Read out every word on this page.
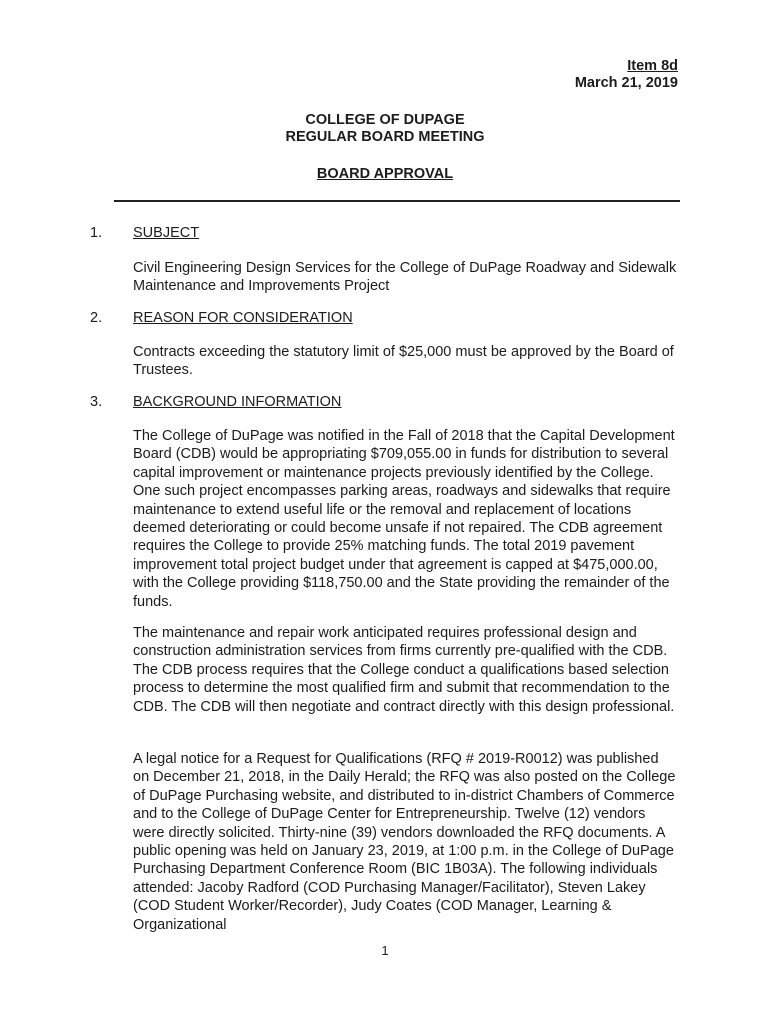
Item 8d
March 21, 2019
COLLEGE OF DUPAGE
REGULAR BOARD MEETING
BOARD APPROVAL
1. SUBJECT

Civil Engineering Design Services for the College of DuPage Roadway and Sidewalk Maintenance and Improvements Project

2. REASON FOR CONSIDERATION

Contracts exceeding the statutory limit of $25,000 must be approved by the Board of Trustees.

3. BACKGROUND INFORMATION

The College of DuPage was notified in the Fall of 2018 that the Capital Development Board (CDB) would be appropriating $709,055.00 in funds for distribution to several capital improvement or maintenance projects previously identified by the College. One such project encompasses parking areas, roadways and sidewalks that require maintenance to extend useful life or the removal and replacement of locations deemed deteriorating or could become unsafe if not repaired. The CDB agreement requires the College to provide 25% matching funds. The total 2019 pavement improvement total project budget under that agreement is capped at $475,000.00, with the College providing $118,750.00 and the State providing the remainder of the funds.

The maintenance and repair work anticipated requires professional design and construction administration services from firms currently pre-qualified with the CDB. The CDB process requires that the College conduct a qualifications based selection process to determine the most qualified firm and submit that recommendation to the CDB. The CDB will then negotiate and contract directly with this design professional.

A legal notice for a Request for Qualifications (RFQ # 2019-R0012) was published on December 21, 2018, in the Daily Herald; the RFQ was also posted on the College of DuPage Purchasing website, and distributed to in-district Chambers of Commerce and to the College of DuPage Center for Entrepreneurship. Twelve (12) vendors were directly solicited. Thirty-nine (39) vendors downloaded the RFQ documents. A public opening was held on January 23, 2019, at 1:00 p.m. in the College of DuPage Purchasing Department Conference Room (BIC 1B03A). The following individuals attended: Jacoby Radford (COD Purchasing Manager/Facilitator), Steven Lakey (COD Student Worker/Recorder), Judy Coates (COD Manager, Learning & Organizational

1
